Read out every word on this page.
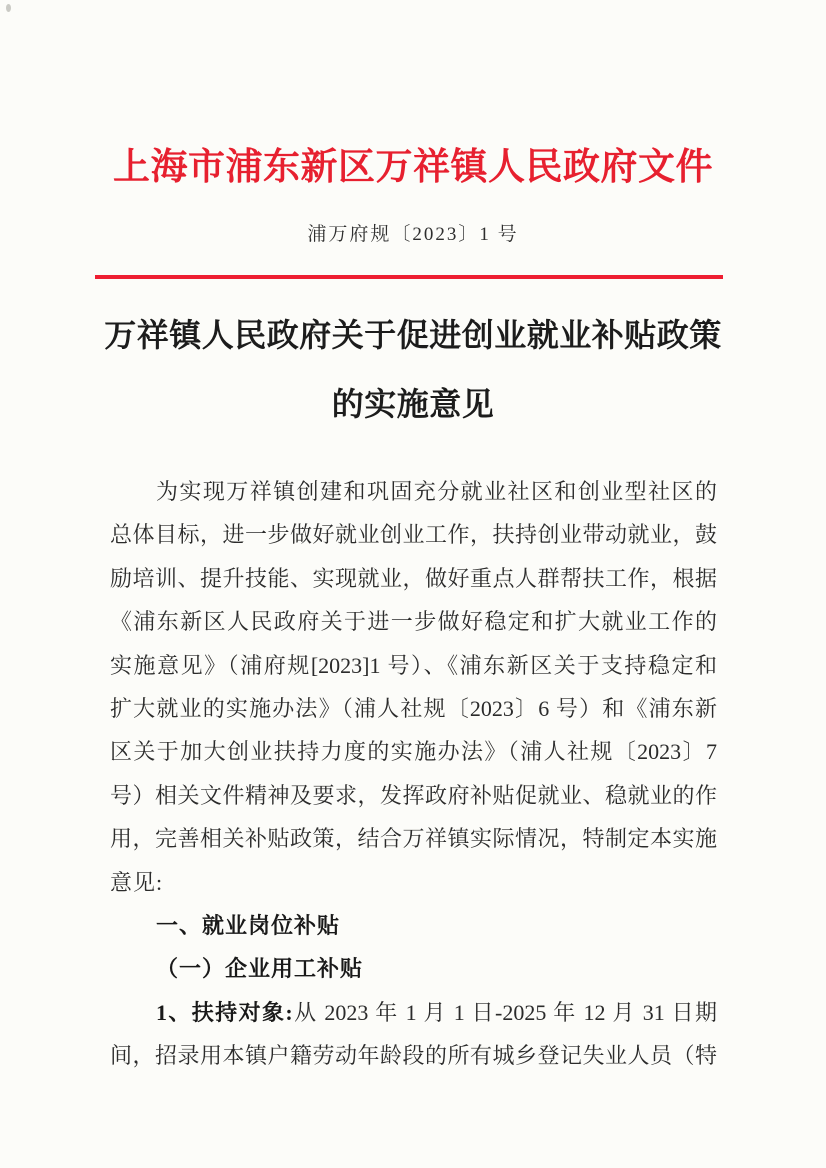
上海市浦东新区万祥镇人民政府文件
浦万府规〔2023〕1 号
万祥镇人民政府关于促进创业就业补贴政策
的实施意见
为实现万祥镇创建和巩固充分就业社区和创业型社区的
总体目标，进一步做好就业创业工作，扶持创业带动就业，鼓
励培训、提升技能、实现就业，做好重点人群帮扶工作，根据
《浦东新区人民政府关于进一步做好稳定和扩大就业工作的
实施意见》（浦府规[2023]1 号）、《浦东新区关于支持稳定和
扩大就业的实施办法》（浦人社规〔2023〕6 号）和《浦东新
区关于加大创业扶持力度的实施办法》（浦人社规〔2023〕7
号）相关文件精神及要求，发挥政府补贴促就业、稳就业的作
用，完善相关补贴政策，结合万祥镇实际情况，特制定本实施
意见:
一、就业岗位补贴
（一）企业用工补贴
1、扶持对象:从 2023 年 1 月 1 日-2025 年 12 月 31 日期
间，招录用本镇户籍劳动年龄段的所有城乡登记失业人员（特
